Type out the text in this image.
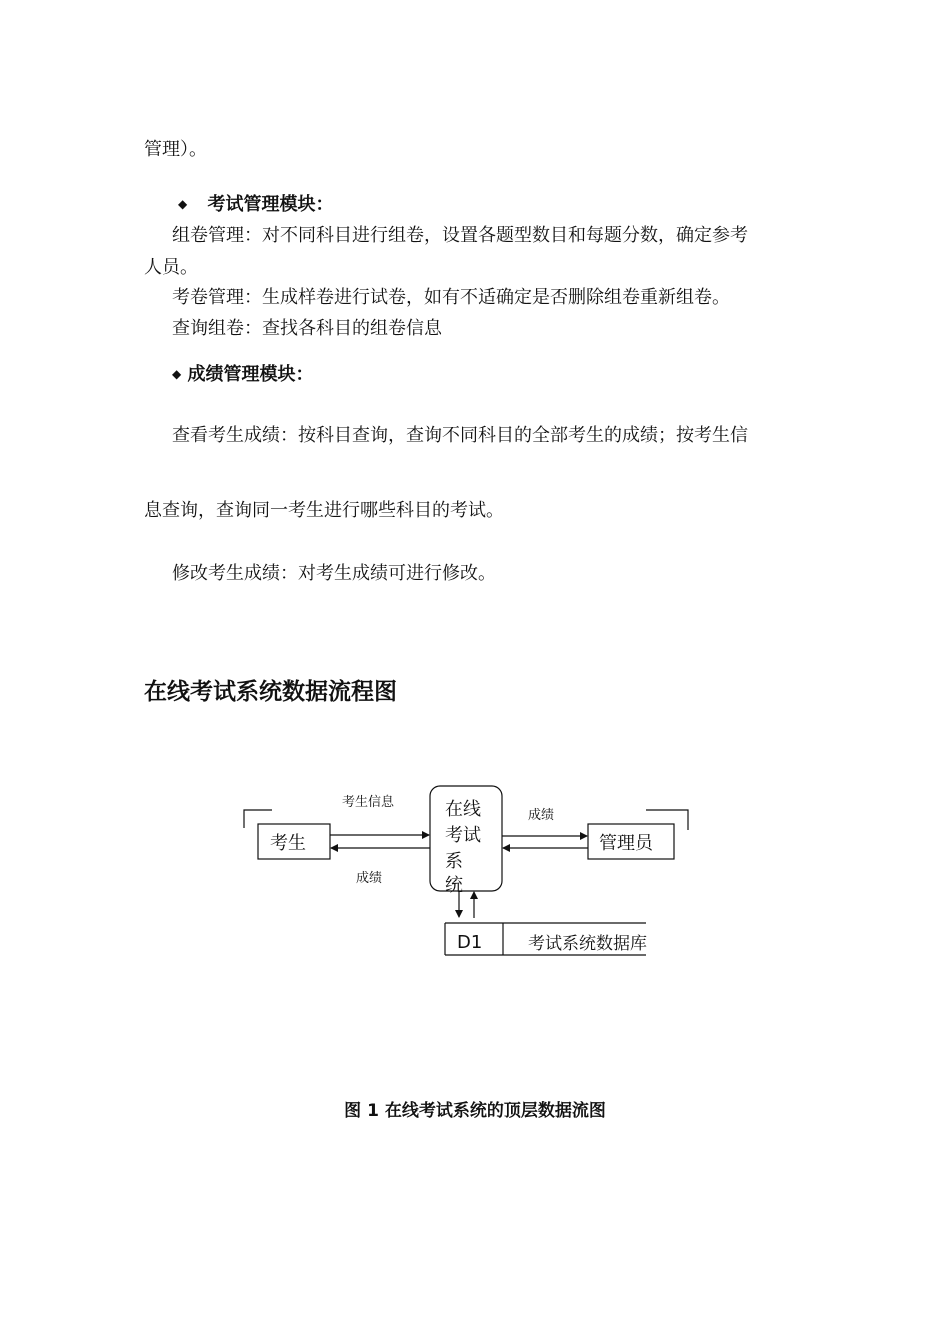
管理）。
◆ 考试管理模块：
组卷管理：对不同科目进行组卷，设置各题型数目和每题分数，确定参考
人员。
考卷管理：生成样卷进行试卷，如有不适确定是否删除组卷重新组卷。
查询组卷：查找各科目的组卷信息
◆ 成绩管理模块：
查看考生成绩：按科目查询，查询不同科目的全部考生的成绩；按考生信
息查询，查询同一考生进行哪些科目的考试。
修改考生成绩：对考生成绩可进行修改。
在线考试系统数据流程图
考生	管理员
在线
考试
系
统
考生信息
成绩
成绩
D1	考试系统数据库
图 1 在线考试系统的顶层数据流图
